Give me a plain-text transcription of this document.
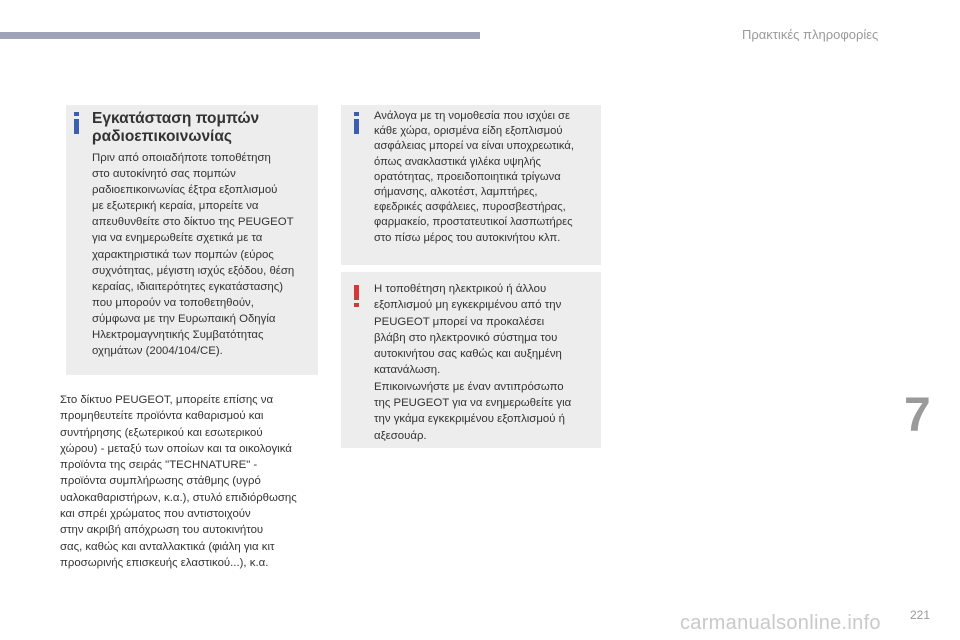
Πρακτικές πληροφορίες
Εγκατάσταση πομπών ραδιοεπικοινωνίας
Πριν από οποιαδήποτε τοποθέτηση
στο αυτοκίνητό σας πομπών
ραδιοεπικοινωνίας έξτρα εξοπλισμού
με εξωτερική κεραία, μπορείτε να
απευθυνθείτε στο δίκτυο της PEUGEOT
για να ενημερωθείτε σχετικά με τα
χαρακτηριστικά των πομπών (εύρος
συχνότητας, μέγιστη ισχύς εξόδου, θέση
κεραίας, ιδιαιτερότητες εγκατάστασης)
που μπορούν να τοποθετηθούν,
σύμφωνα με την Ευρωπαική Οδηγία
Ηλεκτρομαγνητικής Συμβατότητας
οχημάτων (2004/104/CE).
Στο δίκτυο PEUGEOT, μπορείτε επίσης να
προμηθευτείτε προϊόντα καθαρισμού και
συντήρησης (εξωτερικού και εσωτερικού
χώρου) - μεταξύ των οποίων και τα οικολογικά
προϊόντα της σειράς "TECHNATURE" -
προϊόντα συμπλήρωσης στάθμης (υγρό
υαλοκαθαριστήρων, κ.α.), στυλό επιδιόρθωσης
και σπρέι χρώματος που αντιστοιχούν
στην ακριβή απόχρωση του αυτοκινήτου
σας, καθώς και ανταλλακτικά (φιάλη για κιτ
προσωρινής επισκευής ελαστικού...), κ.α.
Ανάλογα με τη νομοθεσία που ισχύει σε
κάθε χώρα, ορισμένα είδη εξοπλισμού
ασφάλειας μπορεί να είναι υποχρεωτικά,
όπως ανακλαστικά γιλέκα υψηλής
ορατότητας, προειδοποιητικά τρίγωνα
σήμανσης, αλκοτέστ, λαμπτήρες,
εφεδρικές ασφάλειες, πυροσβεστήρας,
φαρμακείο, προστατευτικοί λασπωτήρες
στο πίσω μέρος του αυτοκινήτου κλπ.
Η τοποθέτηση ηλεκτρικού ή άλλου
εξοπλισμού μη εγκεκριμένου από την
PEUGEOT μπορεί να προκαλέσει
βλάβη στο ηλεκτρονικό σύστημα του
αυτοκινήτου σας καθώς και αυξημένη
κατανάλωση.
Επικοινωνήστε με έναν αντιπρόσωπο
της PEUGEOT για να ενημερωθείτε για
την γκάμα εγκεκριμένου εξοπλισμού ή
αξεσουάρ.	7
carmanualsonline.info 221
